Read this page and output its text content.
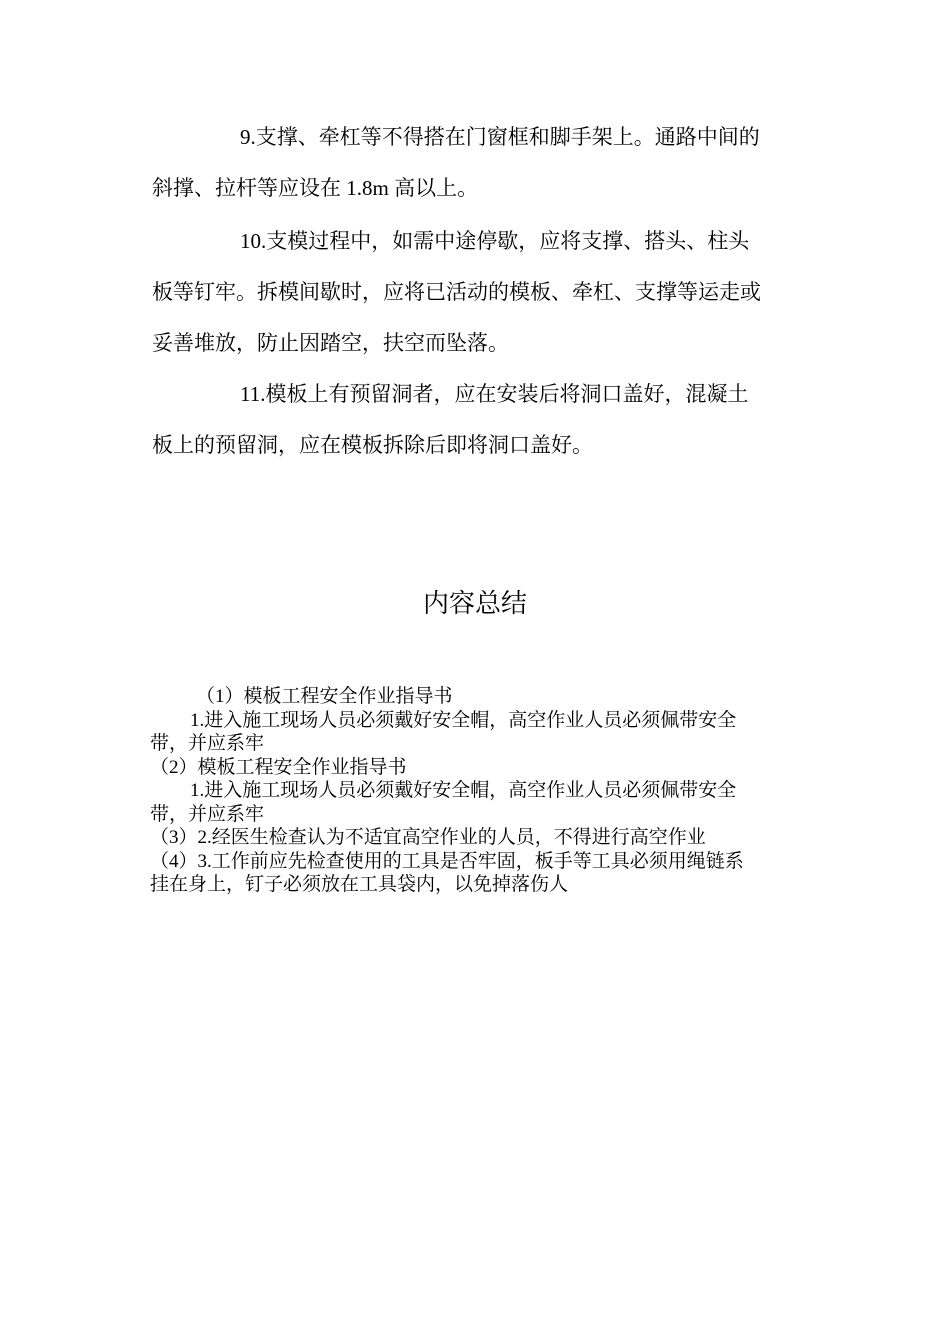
9.支撑、牵杠等不得搭在门窗框和脚手架上。通路中间的
斜撑、拉杆等应设在 1.8m 高以上。
10.支模过程中，如需中途停歇，应将支撑、搭头、柱头
板等钉牢。拆模间歇时，应将已活动的模板、牵杠、支撑等运走或
妥善堆放，防止因踏空，扶空而坠落。
11.模板上有预留洞者，应在安装后将洞口盖好，混凝土
板上的预留洞，应在模板拆除后即将洞口盖好。
内容总结
（1）模板工程安全作业指导书
1.进入施工现场人员必须戴好安全帽，高空作业人员必须佩带安全
带，并应系牢
（2）模板工程安全作业指导书
1.进入施工现场人员必须戴好安全帽，高空作业人员必须佩带安全
带，并应系牢
（3）2.经医生检查认为不适宜高空作业的人员，不得进行高空作业
（4）3.工作前应先检查使用的工具是否牢固，板手等工具必须用绳链系
挂在身上，钉子必须放在工具袋内，以免掉落伤人
